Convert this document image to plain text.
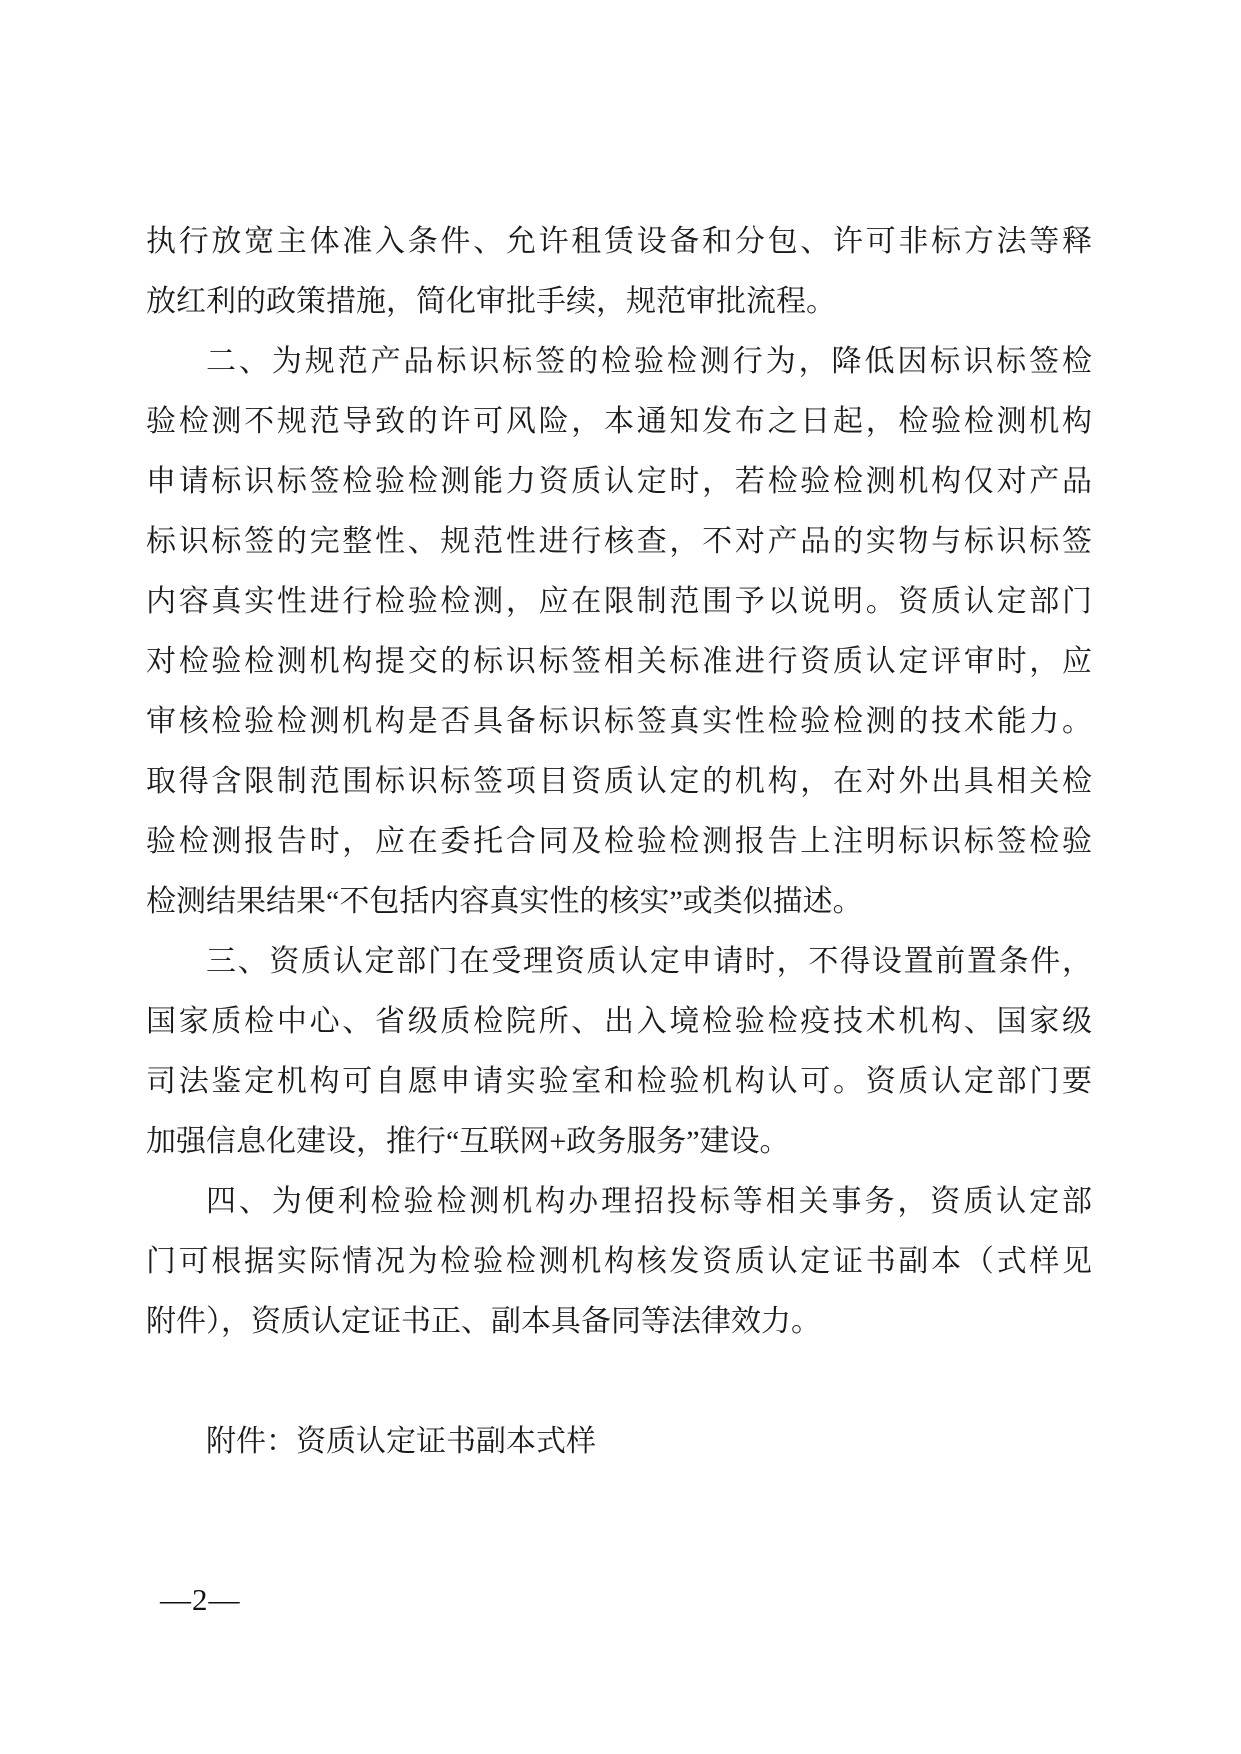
执行放宽主体准入条件、允许租赁设备和分包、许可非标方法等释
放红利的政策措施，简化审批手续，规范审批流程。
二、为规范产品标识标签的检验检测行为，降低因标识标签检
验检测不规范导致的许可风险，本通知发布之日起，检验检测机构
申请标识标签检验检测能力资质认定时，若检验检测机构仅对产品
标识标签的完整性、规范性进行核查，不对产品的实物与标识标签
内容真实性进行检验检测，应在限制范围予以说明。资质认定部门
对检验检测机构提交的标识标签相关标准进行资质认定评审时，应
审核检验检测机构是否具备标识标签真实性检验检测的技术能力。
取得含限制范围标识标签项目资质认定的机构，在对外出具相关检
验检测报告时，应在委托合同及检验检测报告上注明标识标签检验
检测结果结果“不包括内容真实性的核实”或类似描述。
三、资质认定部门在受理资质认定申请时，不得设置前置条件，
国家质检中心、省级质检院所、出入境检验检疫技术机构、国家级
司法鉴定机构可自愿申请实验室和检验机构认可。资质认定部门要
加强信息化建设，推行“互联网+政务服务”建设。
四、为便利检验检测机构办理招投标等相关事务，资质认定部
门可根据实际情况为检验检测机构核发资质认定证书副本（式样见
附件），资质认定证书正、副本具备同等法律效力。
附件：资质认定证书副本式样
—2—
